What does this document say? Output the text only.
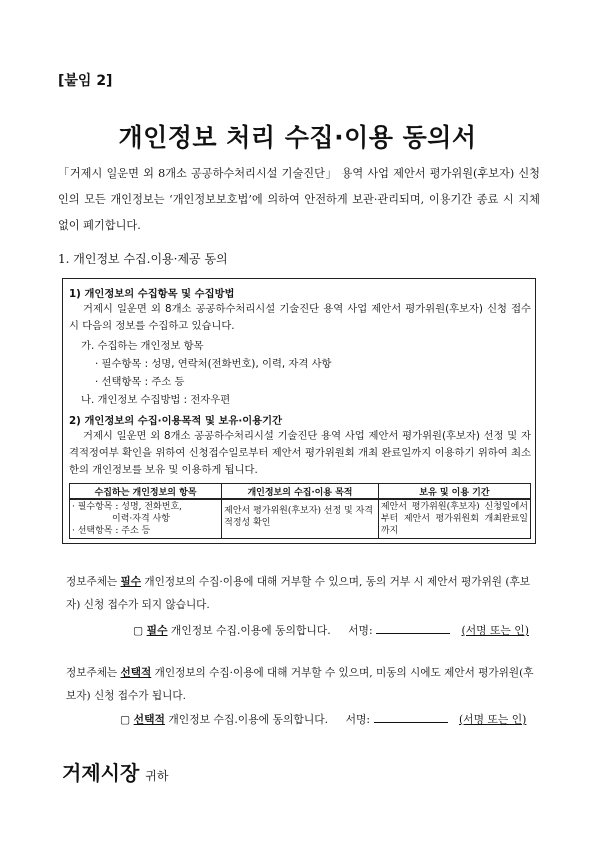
[붙임 2]
개인정보 처리 수집·이용 동의서
「거제시 일운면 외 8개소 공공하수처리시설 기술진단」 용역 사업 제안서 평가위원(후보자) 신청인의 모든 개인정보는 ‘개인정보보호법’에 의하여 안전하게 보관·관리되며, 이용기간 종료 시 지체 없이 폐기합니다.
1. 개인정보 수집.이용·제공 동의
1) 개인정보의 수집항목 및 수집방법
거제시 일운면 외 8개소 공공하수처리시설 기술진단 용역 사업 제안서 평가위원(후보자) 신청 접수 시 다음의 정보를 수집하고 있습니다.
가. 수집하는 개인정보 항목
· 필수항목 : 성명, 연락처(전화번호), 이력, 자격 사항
· 선택항목 : 주소 등
나. 개인정보 수집방법 : 전자우편
2) 개인정보의 수집·이용목적 및 보유·이용기간
거제시 일운면 외 8개소 공공하수처리시설 기술진단 용역 사업 제안서 평가위원(후보자) 선정 및 자격적정여부 확인을 위하여 신청접수일로부터 제안서 평가위원회 개최 완료일까지 이용하기 위하여 최소한의 개인정보를 보유 및 이용하게 됩니다.
수집하는 개인정보의 항목	개인정보의 수집·이용 목적	보유 및 이용 기간

· 필수항목 : 성명, 전화번호,
이력·자격 사항
· 선택항목 : 주소 등	제안서 평가위원(후보자) 선정 및 자격 적정성 확인	제안서 평가위원(후보자) 신청일에서부터 제안서 평가위원회 개최완료일까지
정보주체는 필수 개인정보의 수집·이용에 대해 거부할 수 있으며, 동의 거부 시 제안서 평가위원 (후보자) 신청 접수가 되지 않습니다.
▢ 필수 개인정보 수집.이용에 동의합니다. 서명:	(서명 또는 인)
정보주체는 선택적 개인정보의 수집·이용에 대해 거부할 수 있으며, 미동의 시에도 제안서 평가위원(후보자) 신청 접수가 됩니다.
▢ 선택적 개인정보 수집.이용에 동의합니다. 서명:	(서명 또는 인)
거제시장 귀하
